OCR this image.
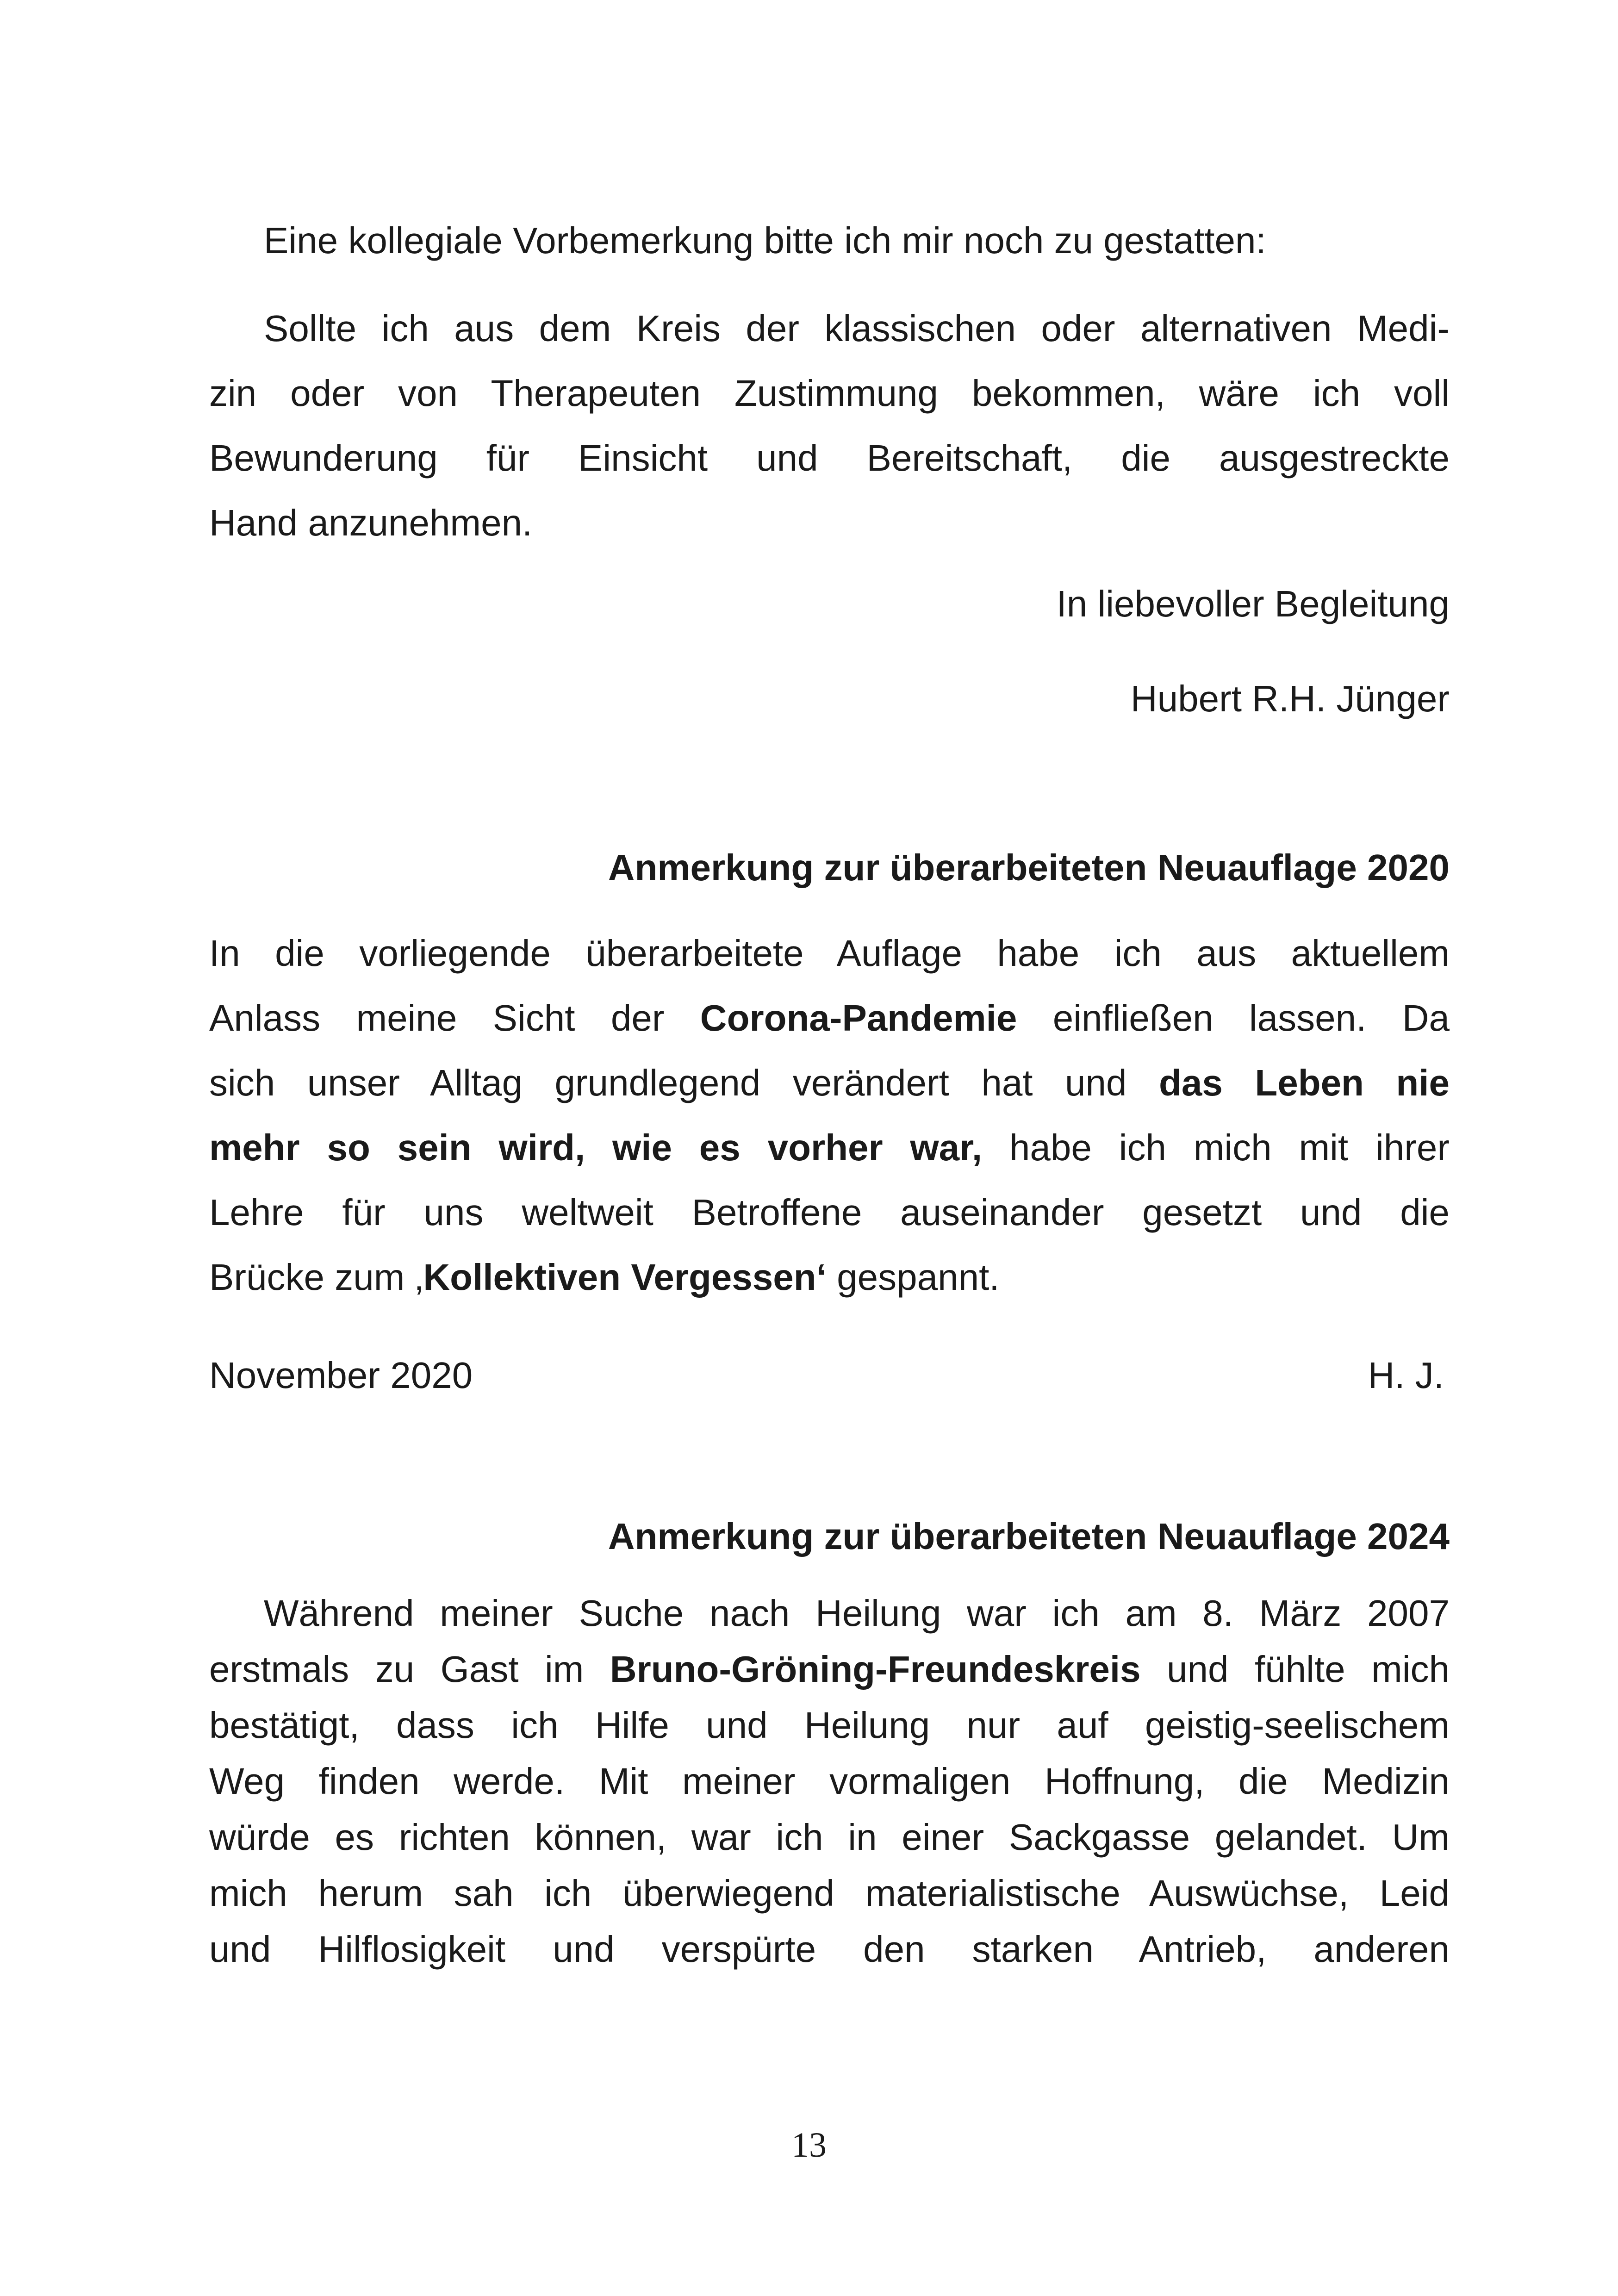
Eine kollegiale Vorbemerkung bitte ich mir noch zu gestatten:

Sollte ich aus dem Kreis der klassischen oder alternativen Medi-

zin oder von Therapeuten Zustimmung bekommen, wäre ich voll

Bewunderung für Einsicht und Bereitschaft, die ausgestreckte

Hand anzunehmen.

In liebevoller Begleitung
Hubert R.H. Jünger
Anmerkung zur überarbeiteten Neuauflage 2020

In die vorliegende überarbeitete Auflage habe ich aus aktuellem

Anlass meine Sicht der Corona-Pandemie einfließen lassen. Da

sich unser Alltag grundlegend verändert hat und das Leben nie

mehr so sein wird, wie es vorher war, habe ich mich mit ihrer

Lehre für uns weltweit Betroffene auseinander gesetzt und die

Brücke zum ‚Kollektiven Vergessen‘ gespannt.

November 2020	H. J.
Anmerkung zur überarbeiteten Neuauflage 2024

Während meiner Suche nach Heilung war ich am 8. März 2007

erstmals zu Gast im Bruno-Gröning-Freundeskreis und fühlte mich

bestätigt, dass ich Hilfe und Heilung nur auf geistig-seelischem

Weg finden werde. Mit meiner vormaligen Hoffnung, die Medizin

würde es richten können, war ich in einer Sackgasse gelandet. Um

mich herum sah ich überwiegend materialistische Auswüchse, Leid

und Hilflosigkeit und verspürte den starken Antrieb, anderen

13
